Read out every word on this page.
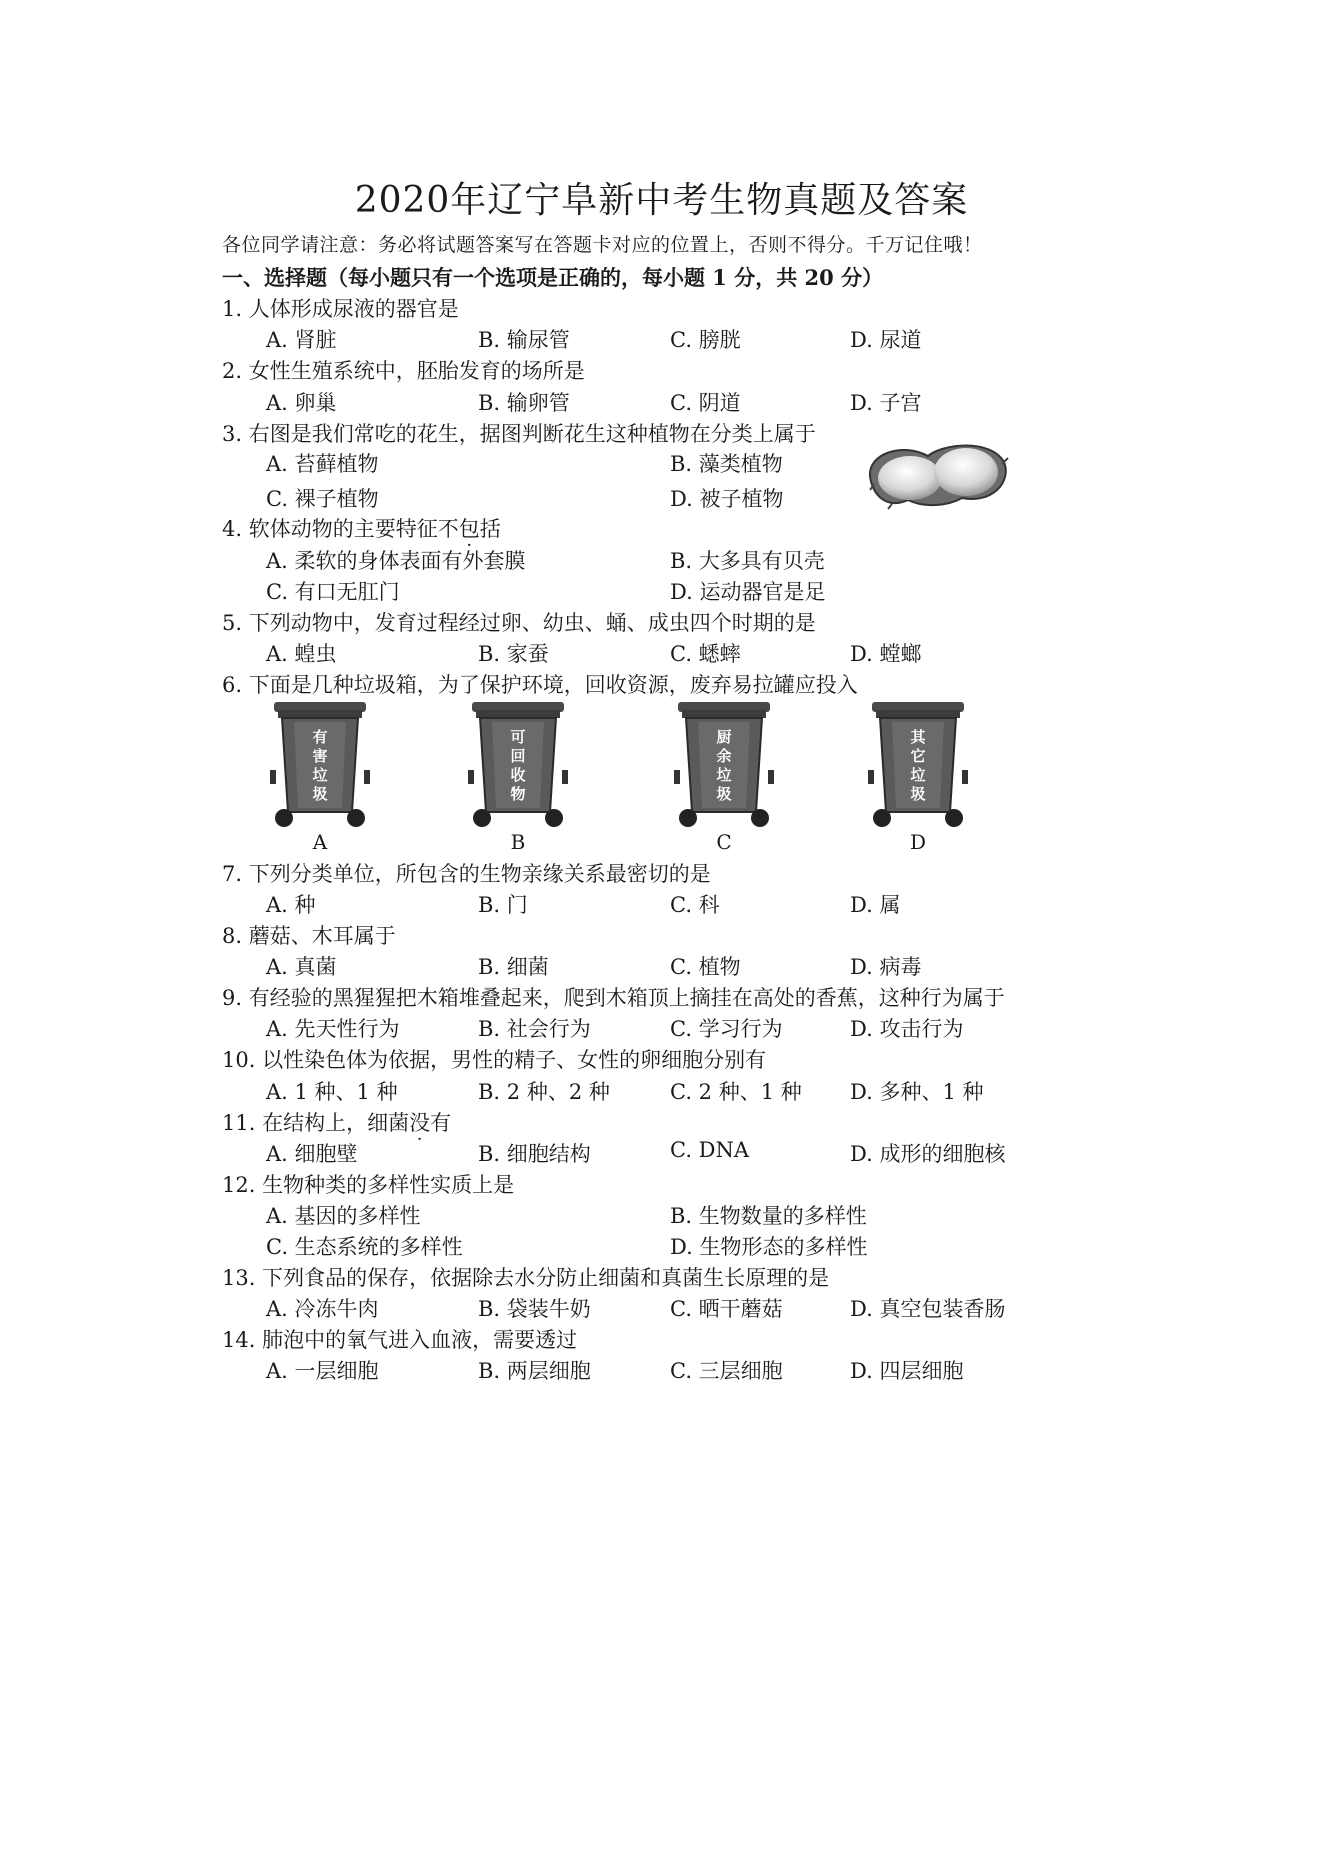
2020年辽宁阜新中考生物真题及答案
各位同学请注意：务必将试题答案写在答题卡对应的位置上，否则不得分。千万记住哦！
一、选择题（每小题只有一个选项是正确的，每小题 1 分，共 20 分）
1. 人体形成尿液的器官是
A. 肾脏	B. 输尿管	C. 膀胱	D. 尿道
2. 女性生殖系统中，胚胎发育的场所是
A. 卵巢	B. 输卵管	C. 阴道	D. 子宫
3. 右图是我们常吃的花生，据图判断花生这种植物在分类上属于
A. 苔藓植物	B. 藻类植物
C. 裸子植物	D. 被子植物
4. 软体动物的主要特征不包括
A. 柔软的身体表面有外套膜	B. 大多具有贝壳
C. 有口无肛门	D. 运动器官是足
5. 下列动物中，发育过程经过卵、幼虫、蛹、成虫四个时期的是
A. 蝗虫	B. 家蚕	C. 蟋蟀	D. 螳螂
6. 下面是几种垃圾箱，为了保护环境，回收资源，废弃易拉罐应投入
有
害
垃
圾
A
可
回
收
物
B
厨
余
垃
圾
C
其
它
垃
圾
D
7. 下列分类单位，所包含的生物亲缘关系最密切的是
A. 种	B. 门	C. 科	D. 属
8. 蘑菇、木耳属于
A. 真菌	B. 细菌	C. 植物	D. 病毒
9. 有经验的黑猩猩把木箱堆叠起来，爬到木箱顶上摘挂在高处的香蕉，这种行为属于
A. 先天性行为	B. 社会行为	C. 学习行为	D. 攻击行为
10. 以性染色体为依据，男性的精子、女性的卵细胞分别有
A. 1 种、1 种	B. 2 种、2 种	C. 2 种、1 种 D. 多种、1 种
11. 在结构上，细菌没有
A. 细胞壁	B. 细胞结构	C. DNA	D. 成形的细胞核
12. 生物种类的多样性实质上是
A. 基因的多样性	B. 生物数量的多样性
C. 生态系统的多样性	D. 生物形态的多样性
13. 下列食品的保存，依据除去水分防止细菌和真菌生长原理的是
A. 冷冻牛肉	B. 袋装牛奶	C. 晒干蘑菇	D. 真空包装香肠
14. 肺泡中的氧气进入血液，需要透过
A. 一层细胞	B. 两层细胞	C. 三层细胞	D. 四层细胞
